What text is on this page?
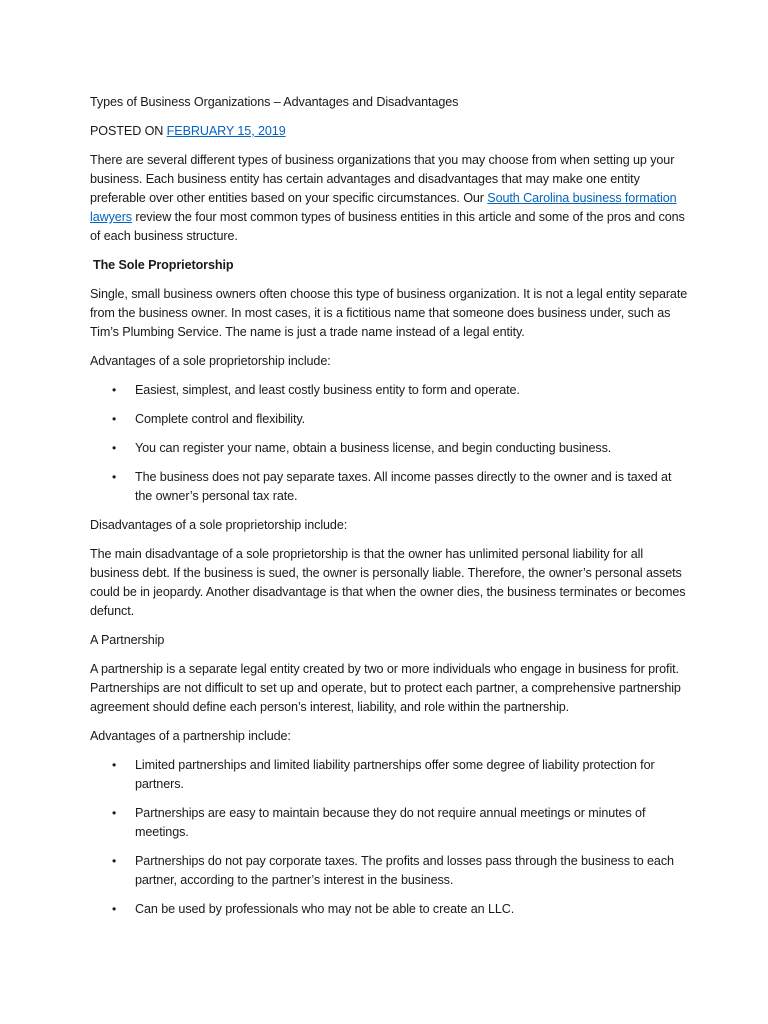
Types of Business Organizations – Advantages and Disadvantages

POSTED ON FEBRUARY 15, 2019

There are several different types of business organizations that you may choose from when setting up your business. Each business entity has certain advantages and disadvantages that may make one entity preferable over other entities based on your specific circumstances. Our South Carolina business formation lawyers review the four most common types of business entities in this article and some of the pros and cons of each business structure.

The Sole Proprietorship

Single, small business owners often choose this type of business organization. It is not a legal entity separate from the business owner. In most cases, it is a fictitious name that someone does business under, such as Tim’s Plumbing Service. The name is just a trade name instead of a legal entity.

Advantages of a sole proprietorship include:

• Easiest, simplest, and least costly business entity to form and operate.
• Complete control and flexibility.
• You can register your name, obtain a business license, and begin conducting business.
• The business does not pay separate taxes. All income passes directly to the owner and is taxed at the owner’s personal tax rate.

Disadvantages of a sole proprietorship include:

The main disadvantage of a sole proprietorship is that the owner has unlimited personal liability for all business debt. If the business is sued, the owner is personally liable. Therefore, the owner’s personal assets could be in jeopardy. Another disadvantage is that when the owner dies, the business terminates or becomes defunct.

A Partnership

A partnership is a separate legal entity created by two or more individuals who engage in business for profit. Partnerships are not difficult to set up and operate, but to protect each partner, a comprehensive partnership agreement should define each person’s interest, liability, and role within the partnership.

Advantages of a partnership include:

• Limited partnerships and limited liability partnerships offer some degree of liability protection for partners.
• Partnerships are easy to maintain because they do not require annual meetings or minutes of meetings.
• Partnerships do not pay corporate taxes. The profits and losses pass through the business to each partner, according to the partner’s interest in the business.
• Can be used by professionals who may not be able to create an LLC.
